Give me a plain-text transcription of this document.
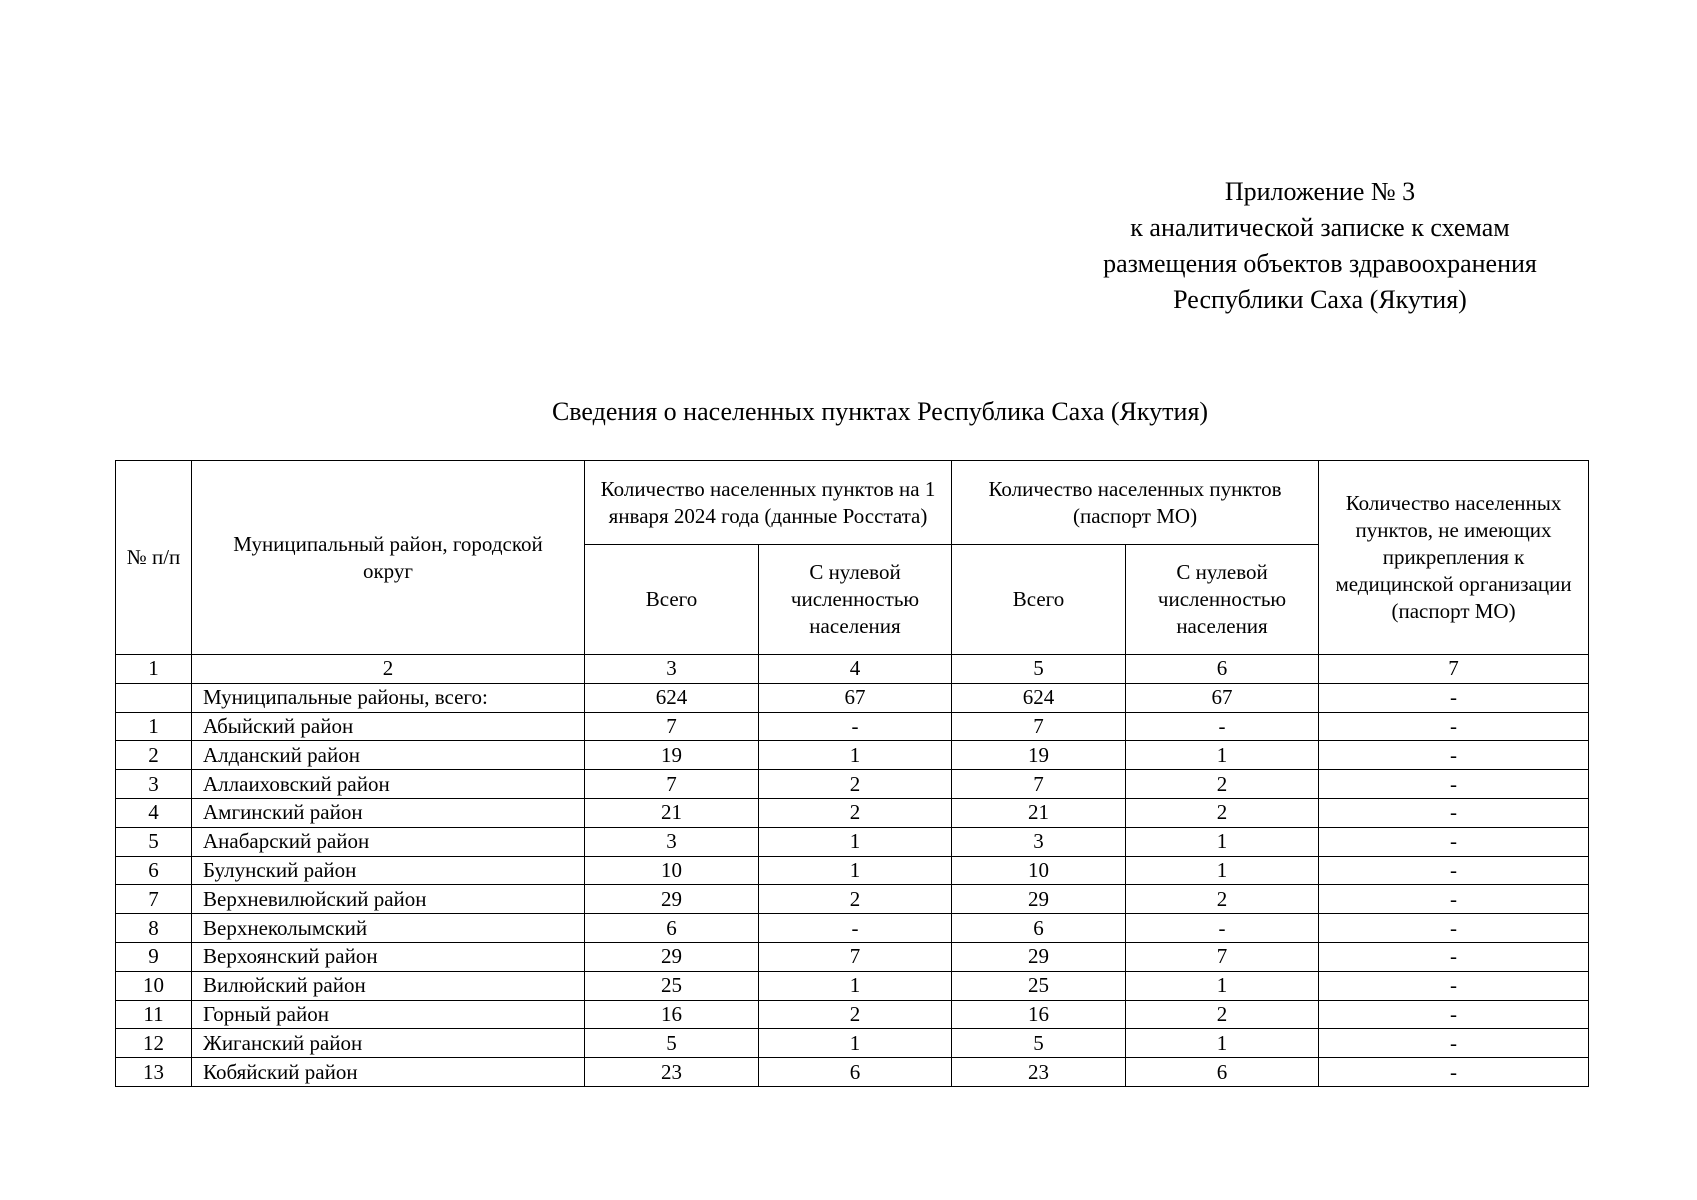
Приложение № 3
к аналитической записке к схемам
размещения объектов здравоохранения
Республики Саха (Якутия)
Сведения о населенных пунктах Республика Саха (Якутия)
№ п/п	Муниципальный район, городской округ	Количество населенных пунктов на 1 января 2024 года (данные Росстата)		Количество населенных пунктов (паспорт МО)		Количество населенных пунктов, не имеющих прикрепления к медицинской организации (паспорт МО)
		Всего	С нулевой численностью населения	Всего	С нулевой численностью населения	
1	2	3	4	5	6	7
	Муниципальные районы, всего:	624	67	624	67	-
1	Абыйский район	7	-	7	-	-
2	Алданский район	19	1	19	1	-
3	Аллаиховский район	7	2	7	2	-
4	Амгинский район	21	2	21	2	-
5	Анабарский район	3	1	3	1	-
6	Булунский район	10	1	10	1	-
7	Верхневилюйский район	29	2	29	2	-
8	Верхнеколымский	6	-	6	-	-
9	Верхоянский район	29	7	29	7	-
10	Вилюйский район	25	1	25	1	-
11	Горный район	16	2	16	2	-
12	Жиганский район	5	1	5	1	-
13	Кобяйский район	23	6	23	6	-
